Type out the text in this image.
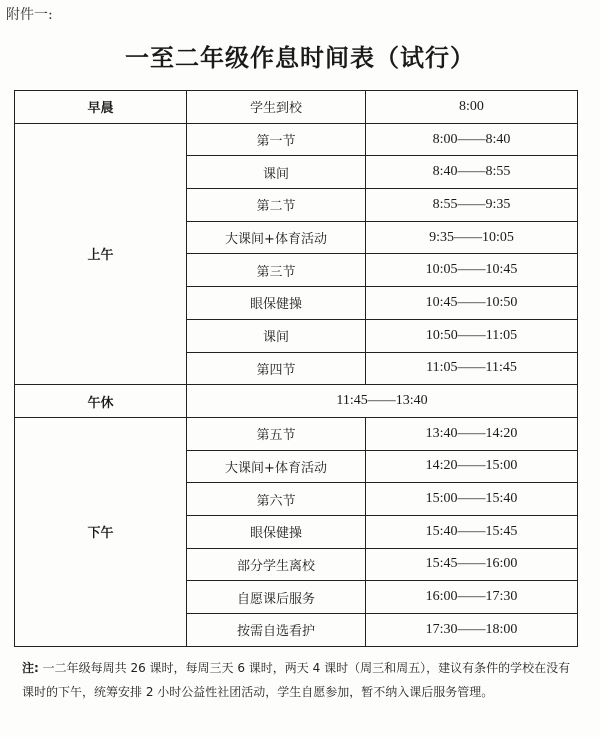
附件一:
一至二年级作息时间表（试行）
早晨	学生到校	8:00
上午	第一节	8:00——8:40
	课间	8:40——8:55
	第二节	8:55——9:35
	大课间+体育活动	9:35——10:05
	第三节	10:05——10:45
	眼保健操	10:45——10:50
	课间	10:50——11:05
	第四节	11:05——11:45
午休	11:45——13:40	
下午	第五节	13:40——14:20
	大课间+体育活动	14:20——15:00
	第六节	15:00——15:40
	眼保健操	15:40——15:45
	部分学生离校	15:45——16:00
	自愿课后服务	16:00——17:30
	按需自选看护	17:30——18:00
注: 一二年级每周共 26 课时，每周三天 6 课时，两天 4 课时（周三和周五），建议有条件的学校在没有课时的下午，统筹安排 2 小时公益性社团活动，学生自愿参加，暂不纳入课后服务管理。
